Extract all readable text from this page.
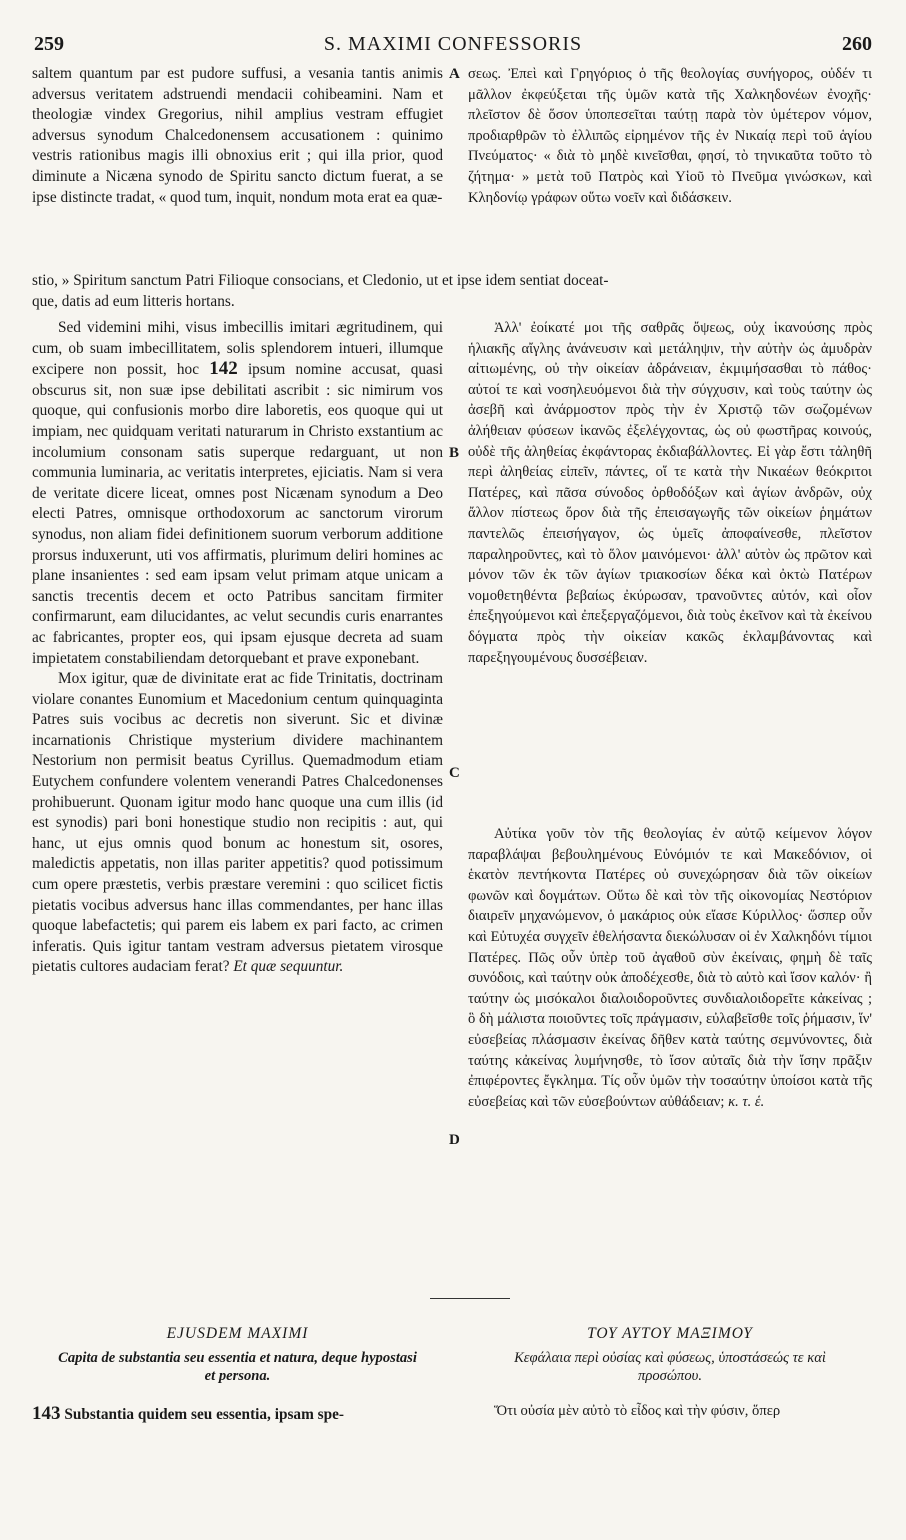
259	S. MAXIMI CONFESSORIS	260

saltem quantum par est pudore suffusi, a vesania tantis animis adversus veritatem adstruendi mendacii cohibeamini. Nam et theologiæ vindex Gregorius, nihil amplius vestram effugiet adversus synodum Chalcedonensem accusationem : quinimo vestris rationibus magis illi obnoxius erit ; qui illa prior, quod diminute a Nicæna synodo de Spiritu sancto dictum fuerat, a se ipse distincte tradat, « quod tum, inquit, nondum mota erat ea quæ-

σεως. Ἐπεὶ καὶ Γρηγόριος ὁ τῆς θεολογίας συνήγορος, οὐδέν τι μᾶλλον ἐκφεύξεται τῆς ὑμῶν κατὰ τῆς Χαλκηδονέων ἐνοχῆς· πλεῖστον δὲ ὅσον ὑποπεσεῖται ταύτῃ παρὰ τὸν ὑμέτερον νόμον, προδιαρθρῶν τὸ ἐλλιπῶς εἰρημένον τῆς ἐν Νικαίᾳ περὶ τοῦ ἁγίου Πνεύματος· « διὰ τὸ μηδὲ κινεῖσθαι, φησί, τὸ τηνικαῦτα τοῦτο τὸ ζήτημα· » μετὰ τοῦ Πατρὸς καὶ Υἱοῦ τὸ Πνεῦμα γινώσκων, καὶ Κληδονίῳ γράφων οὕτω νοεῖν καὶ διδάσκειν.

stio, » Spiritum sanctum Patri Filioque consocians, et Cledonio, ut et ipse idem sentiat doceat-

que, datis ad eum litteris hortans.

Sed videmini mihi, visus imbecillis imitari ægritudinem, qui cum, ob suam imbecillitatem, solis splendorem intueri, illumque excipere non possit, hoc 142 ipsum nomine accusat, quasi obscurus sit, non suæ ipse debilitati ascribit : sic nimirum vos quoque, qui confusionis morbo dire laboretis, eos quoque qui ut impiam, nec quidquam veritati naturarum in Christo exstantium ac incolumium consonam satis superque redarguant, ut non communia luminaria, ac veritatis interpretes, ejiciatis. Nam si vera de veritate dicere liceat, omnes post Nicænam synodum a Deo electi Patres, omnisque orthodoxorum ac sanctorum virorum synodus, non aliam fidei definitionem suorum verborum additione prorsus induxerunt, uti vos affirmatis, plurimum deliri homines ac plane insanientes : sed eam ipsam velut primam atque unicam a sanctis trecentis decem et octo Patribus sancitam firmiter confirmarunt, eam dilucidantes, ac velut secundis curis enarrantes ac fabricantes, propter eos, qui ipsam ejusque decreta ad suam impietatem constabiliendam detorquebant et prave exponebant.

Mox igitur, quæ de divinitate erat ac fide Trinitatis, doctrinam violare conantes Eunomium et Macedonium centum quinquaginta Patres suis vocibus ac decretis non siverunt. Sic et divinæ incarnationis Christique mysterium dividere machinantem Nestorium non permisit beatus Cyrillus. Quemadmodum etiam Eutychem confundere volentem venerandi Patres Chalcedonenses prohibuerunt. Quonam igitur modo hanc quoque una cum illis (id est synodis) pari boni honestique studio non recipitis : aut, qui hanc, ut ejus omnis quod bonum ac honestum sit, osores, maledictis appetatis, non illas pariter appetitis? quod potissimum cum opere præstetis, verbis præstare veremini : quo scilicet fictis pietatis vocibus adversus hanc illas commendantes, per hanc illas quoque labefactetis; qui parem eis labem ex pari facto, ac crimen inferatis. Quis igitur tantam vestram adversus pietatem virosque pietatis cultores audaciam ferat? Et quæ sequuntur.

Ἀλλ' ἐοίκατέ μοι τῆς σαθρᾶς ὄψεως, οὐχ ἱκανούσης πρὸς ἡλιακῆς αἴγλης ἀνάνευσιν καὶ μετάληψιν, τὴν αὐτὴν ὡς ἀμυδρὰν αἰτιωμένης, οὐ τὴν οἰκείαν ἀδράνειαν, ἐκμιμήσασθαι τὸ πάθος· αὐτοί τε καὶ νοσηλευόμενοι διὰ τὴν σύγχυσιν, καὶ τοὺς ταύτην ὡς ἀσεβῆ καὶ ἀνάρμοστον πρὸς τὴν ἐν Χριστῷ τῶν σωζομένων ἀλήθειαν φύσεων ἱκανῶς ἐξελέγχοντας, ὡς οὐ φωστῆρας κοινούς, οὐδὲ τῆς ἀληθείας ἐκφάντορας ἐκδιαβάλλοντες. Εἰ γὰρ ἔστι τἀληθῆ περὶ ἀληθείας εἰπεῖν, πάντες, οἵ τε κατὰ τὴν Νικαέων θεόκριτοι Πατέρες, καὶ πᾶσα σύνοδος ὀρθοδόξων καὶ ἁγίων ἀνδρῶν, οὐχ ἄλλον πίστεως ὅρον διὰ τῆς ἐπεισαγωγῆς τῶν οἰκείων ῥημάτων παντελῶς ἐπεισήγαγον, ὡς ὑμεῖς ἀποφαίνεσθε, πλεῖστον παραληροῦντες, καὶ τὸ ὅλον μαινόμενοι· ἀλλ' αὐτὸν ὡς πρῶτον καὶ μόνον τῶν ἐκ τῶν ἁγίων τριακοσίων δέκα καὶ ὀκτὼ Πατέρων νομοθετηθέντα βεβαίως ἐκύρωσαν, τρανοῦντες αὐτόν, καὶ οἷον ἐπεξηγούμενοι καὶ ἐπεξεργαζόμενοι, διὰ τοὺς ἐκεῖνον καὶ τὰ ἐκείνου δόγματα πρὸς τὴν οἰκείαν κακῶς ἐκλαμβάνοντας καὶ παρεξηγουμένους δυσσέβειαν.

Αὐτίκα γοῦν τὸν τῆς θεολογίας ἐν αὐτῷ κείμενον λόγον παραβλάψαι βεβουλημένους Εὐνόμιόν τε καὶ Μακεδόνιον, οἱ ἑκατὸν πεντήκοντα Πατέρες οὐ συνεχώρησαν διὰ τῶν οἰκείων φωνῶν καὶ δογμάτων. Οὕτω δὲ καὶ τὸν τῆς οἰκονομίας Νεστόριον διαιρεῖν μηχανώμενον, ὁ μακάριος οὐκ εἴασε Κύριλλος· ὥσπερ οὖν καὶ Εὐτυχέα συγχεῖν ἐθελήσαντα διεκώλυσαν οἱ ἐν Χαλκηδόνι τίμιοι Πατέρες. Πῶς οὖν ὑπὲρ τοῦ ἀγαθοῦ σὺν ἐκείναις, φημὴ δὲ ταῖς συνόδοις, καὶ ταύτην οὐκ ἀποδέχεσθε, διὰ τὸ αὐτὸ καὶ ἴσον καλόν· ἢ ταύτην ὡς μισόκαλοι διαλοιδοροῦντες συνδιαλοιδορεῖτε κἀκείνας ; ὃ δὴ μάλιστα ποιοῦντες τοῖς πράγμασιν, εὐλαβεῖσθε τοῖς ῥήμασιν, ἵν' εὐσεβείας πλάσμασιν ἐκείνας δῆθεν κατὰ ταύτης σεμνύνοντες, διὰ ταύτης κἀκείνας λυμήνησθε, τὸ ἴσον αὐταῖς διὰ τὴν ἴσην πρᾶξιν ἐπιφέροντες ἔγκλημα. Τίς οὖν ὑμῶν τὴν τοσαύτην ὑποίσοι κατὰ τῆς εὐσεβείας καὶ τῶν εὐσεβούντων αὐθάδειαν; κ. τ. ἑ.

A
B
C
D
EJUSDEM MAXIMI
Capita de substantia seu essentia et natura, deque hypostasi et persona.
ΤΟΥ ΑΥΤΟΥ ΜΑΞΙΜΟΥ
Κεφάλαια περὶ οὐσίας καὶ φύσεως, ὑποστάσεώς τε καὶ προσώπου.
143 Substantia quidem seu essentia, ipsam spe-	Ὅτι οὐσία μὲν αὐτὸ τὸ εἶδος καὶ τὴν φύσιν, ὅπερ
